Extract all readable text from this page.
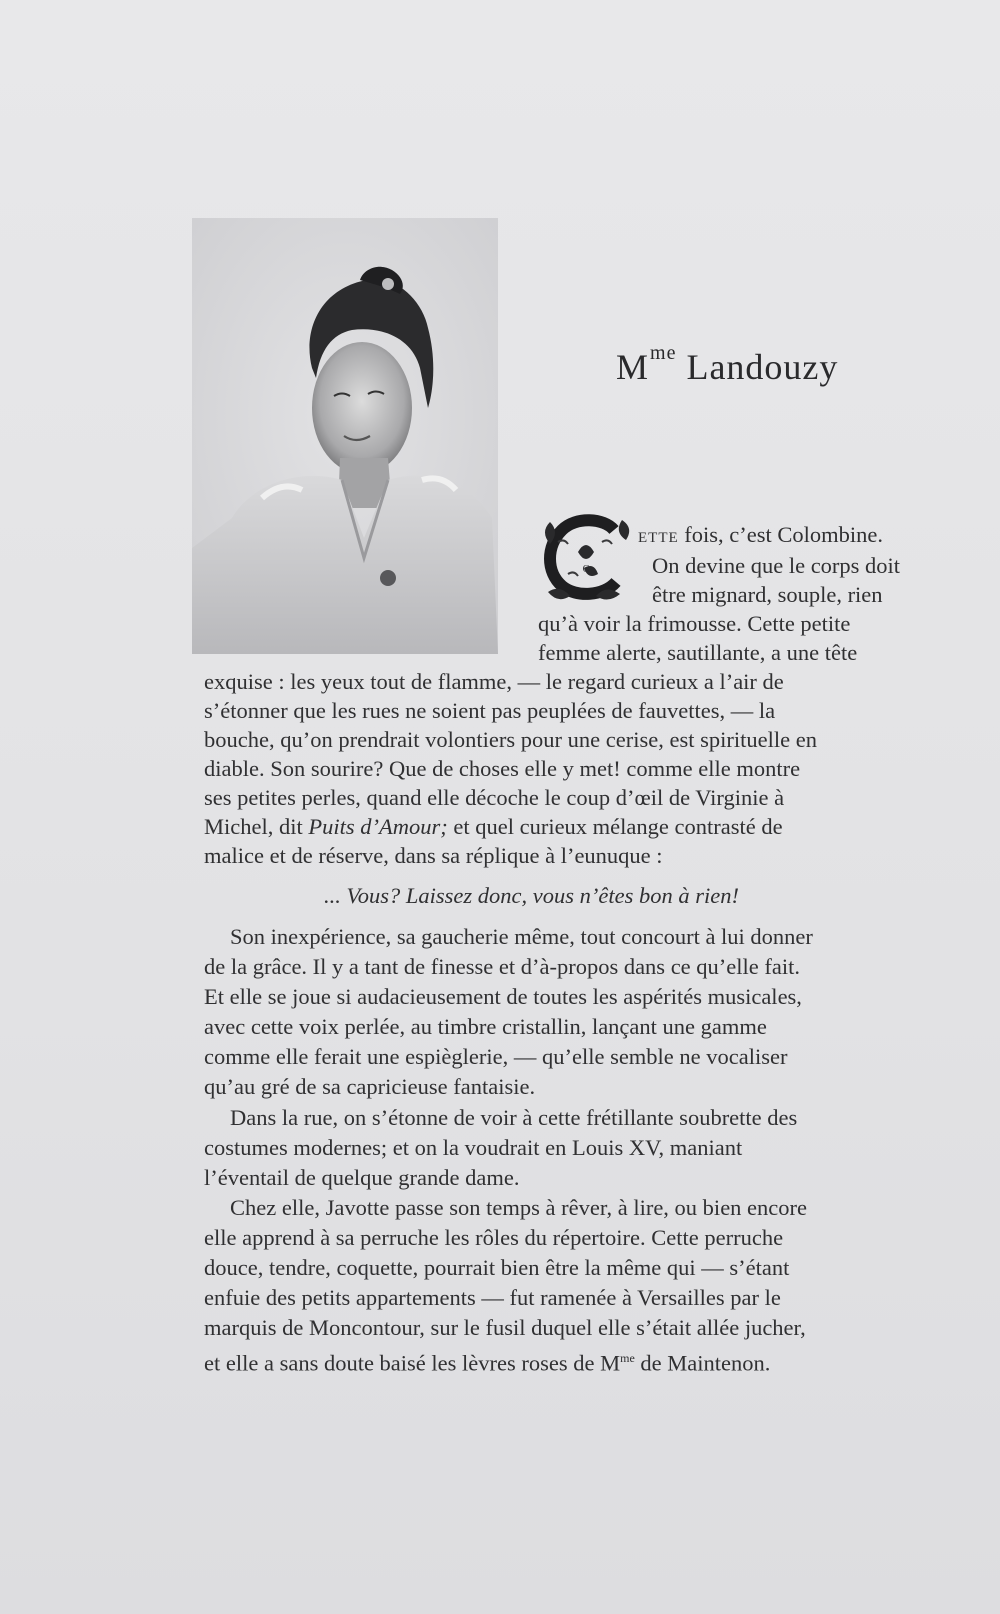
$M^{me}$ Landouzy
C
ETTE fois, c’est Colombine.
On devine que le corps doit
être mignard, souple, rien
qu’à voir la frimousse. Cette petite
femme alerte, sautillante, a une tête
exquise : les yeux tout de flamme, — le regard curieux a l’air de
s’étonner que les rues ne soient pas peuplées de fauvettes, — la
bouche, qu’on prendrait volontiers pour une cerise, est spirituelle en
diable. Son sourire? Que de choses elle y met! comme elle montre
ses petites perles, quand elle décoche le coup d’œil de Virginie à
Michel, dit Puits d’Amour; et quel curieux mélange contrasté de
malice et de réserve, dans sa réplique à l’eunuque :
... Vous? Laissez donc, vous n’êtes bon à rien!
Son inexpérience, sa gaucherie même, tout concourt à lui donner
de la grâce. Il y a tant de finesse et d’à-propos dans ce qu’elle fait.
Et elle se joue si audacieusement de toutes les aspérités musicales,
avec cette voix perlée, au timbre cristallin, lançant une gamme
comme elle ferait une espièglerie, — qu’elle semble ne vocaliser
qu’au gré de sa capricieuse fantaisie.
Dans la rue, on s’étonne de voir à cette frétillante soubrette des
costumes modernes; et on la voudrait en Louis XV, maniant
l’éventail de quelque grande dame.
Chez elle, Javotte passe son temps à rêver, à lire, ou bien encore
elle apprend à sa perruche les rôles du répertoire. Cette perruche
douce, tendre, coquette, pourrait bien être la même qui — s’étant
enfuie des petits appartements — fut ramenée à Versailles par le
marquis de Moncontour, sur le fusil duquel elle s’était allée jucher,
et elle a sans doute baisé les lèvres roses de $M^{me}$ de Maintenon.
